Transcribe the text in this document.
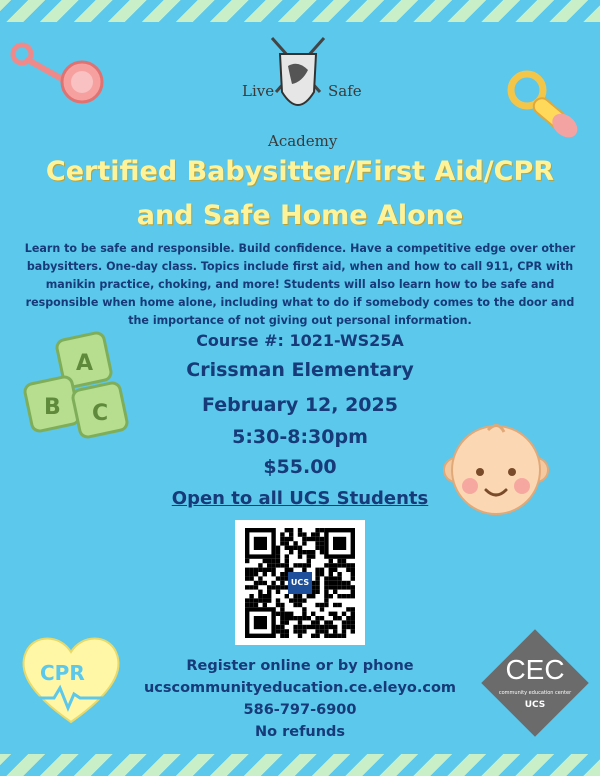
Live	Safe
Academy
Certified Babysitter/First Aid/CPR
and Safe Home Alone
Learn to be safe and responsible. Build confidence. Have a competitive edge over other babysitters. One-day class. Topics include first aid, when and how to call 911, CPR with manikin practice, choking, and more! Students will also learn how to be safe and responsible when home alone, including what to do if somebody comes to the door and the importance of not giving out personal information.
Course #: 1021-WS25A
Crissman Elementary
February 12, 2025
5:30-8:30pm
$55.00
Open to all UCS Students
A
B C
UCS
CPR	Register online or by phone
ucscommunityeducation.ce.eleyo.com
586-797-6900
No refunds
CEC
community education center
UCS
